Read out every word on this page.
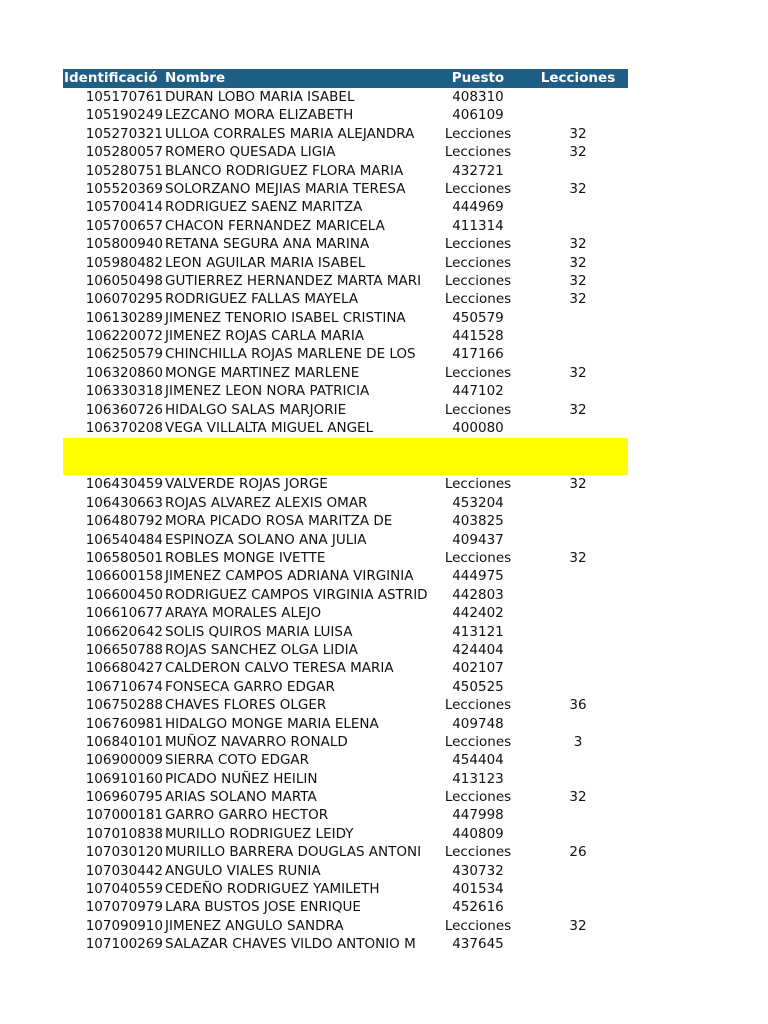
Identificació Nombre	Puesto	Lecciones
105170761 DURAN LOBO MARIA ISABEL	408310
105190249 LEZCANO MORA ELIZABETH	406109
105270321 ULLOA CORRALES MARIA ALEJANDRA	Lecciones	32
105280057 ROMERO QUESADA LIGIA	Lecciones	32
105280751 BLANCO RODRIGUEZ FLORA MARIA	432721
105520369 SOLORZANO MEJIAS MARIA TERESA	Lecciones	32
105700414 RODRIGUEZ SAENZ MARITZA	444969
105700657 CHACON FERNANDEZ MARICELA	411314
105800940 RETANA SEGURA ANA MARINA	Lecciones	32
105980482 LEON AGUILAR MARIA ISABEL	Lecciones	32
106050498 GUTIERREZ HERNANDEZ MARTA MARI	Lecciones	32
106070295 RODRIGUEZ FALLAS MAYELA	Lecciones	32
106130289 JIMENEZ TENORIO ISABEL CRISTINA	450579
106220072 JIMENEZ ROJAS CARLA MARIA	441528
106250579 CHINCHILLA ROJAS MARLENE DE LOS	417166
106320860 MONGE MARTINEZ MARLENE	Lecciones	32
106330318 JIMENEZ LEON NORA PATRICIA	447102
106360726 HIDALGO SALAS MARJORIE	Lecciones	32
106370208 VEGA VILLALTA MIGUEL ANGEL	400080
106430459 VALVERDE ROJAS JORGE	Lecciones	32
106430663 ROJAS ALVAREZ ALEXIS OMAR	453204
106480792 MORA PICADO ROSA MARITZA DE	403825
106540484 ESPINOZA SOLANO ANA JULIA	409437
106580501 ROBLES MONGE IVETTE	Lecciones	32
106600158 JIMENEZ CAMPOS ADRIANA VIRGINIA	444975
106600450 RODRIGUEZ CAMPOS VIRGINIA ASTRID	442803
106610677 ARAYA MORALES ALEJO	442402
106620642 SOLIS QUIROS MARIA LUISA	413121
106650788 ROJAS SANCHEZ OLGA LIDIA	424404
106680427 CALDERON CALVO TERESA MARIA	402107
106710674 FONSECA GARRO EDGAR	450525
106750288 CHAVES FLORES OLGER	Lecciones	36
106760981 HIDALGO MONGE MARIA ELENA	409748
106840101 MUÑOZ NAVARRO RONALD	Lecciones	3
106900009 SIERRA COTO EDGAR	454404
106910160 PICADO NUÑEZ HEILIN	413123
106960795 ARIAS SOLANO MARTA	Lecciones	32
107000181 GARRO GARRO HECTOR	447998
107010838 MURILLO RODRIGUEZ LEIDY	440809
107030120 MURILLO BARRERA DOUGLAS ANTONI	Lecciones	26
107030442 ANGULO VIALES RUNIA	430732
107040559 CEDEÑO RODRIGUEZ YAMILETH	401534
107070979 LARA BUSTOS JOSE ENRIQUE	452616
107090910 JIMENEZ ANGULO SANDRA	Lecciones	32
107100269 SALAZAR CHAVES VILDO ANTONIO M	437645
